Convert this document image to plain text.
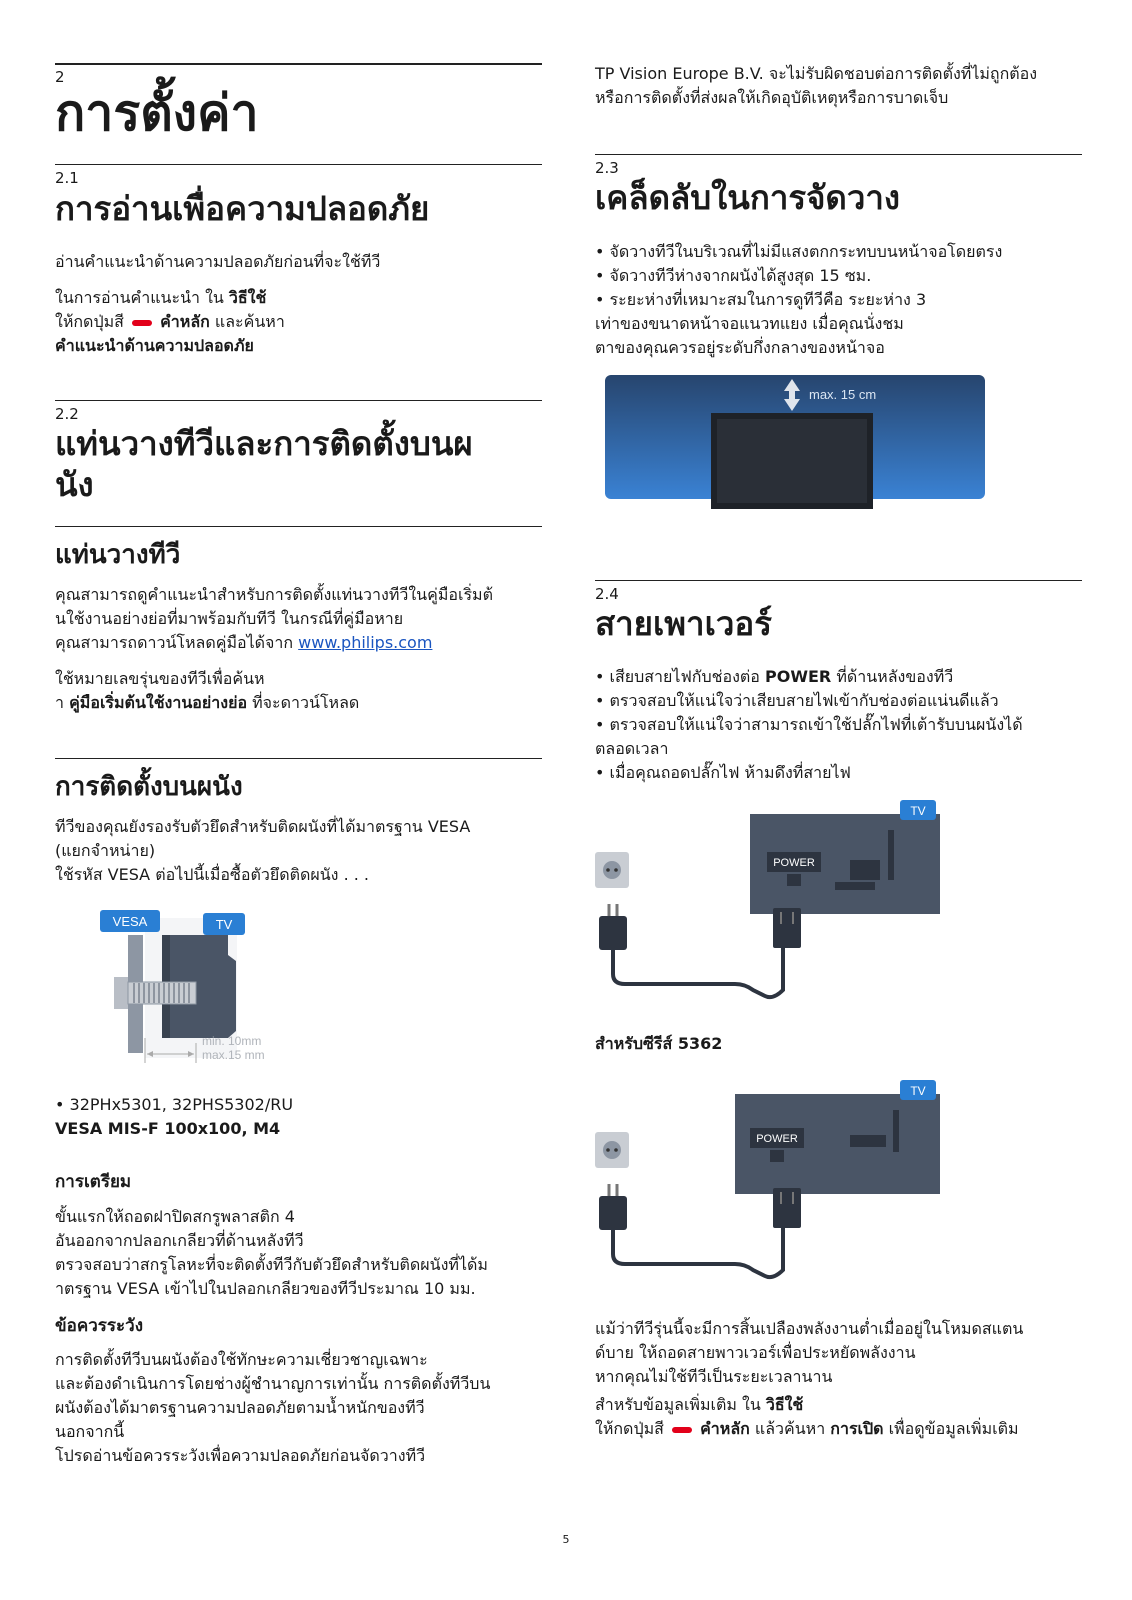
2
การตั้งค่า
2.1
การอ่านเพื่อความปลอดภัย
อ่านคำแนะนำด้านความปลอดภัยก่อนที่จะใช้ทีวี
ในการอ่านคำแนะนำ ใน วิธีใช้
ให้กดปุ่มสี  คำหลัก และค้นหา
คำแนะนำด้านความปลอดภัย
2.2
แท่นวางทีวีและการติดตั้งบนผ
นัง
แท่นวางทีวี
คุณสามารถดูคำแนะนำสำหรับการติดตั้งแท่นวางทีวีในคู่มือเริ่มต้
นใช้งานอย่างย่อที่มาพร้อมกับทีวี ในกรณีที่คู่มือหาย
คุณสามารถดาวน์โหลดคู่มือได้จาก www.philips.com
ใช้หมายเลขรุ่นของทีวีเพื่อค้นห
า คู่มือเริ่มต้นใช้งานอย่างย่อ ที่จะดาวน์โหลด
การติดตั้งบนผนัง
ทีวีของคุณยังรองรับตัวยึดสำหรับติดผนังที่ได้มาตรฐาน VESA
(แยกจำหน่าย)
ใช้รหัส VESA ต่อไปนี้เมื่อซื้อตัวยึดติดผนัง . . .
VESA	TV
min. 10mm
max.15 mm
• 32PHx5301, 32PHS5302/RU
VESA MIS-F 100x100, M4
การเตรียม
ขั้นแรกให้ถอดฝาปิดสกรูพลาสติก 4
อันออกจากปลอกเกลียวที่ด้านหลังทีวี
ตรวจสอบว่าสกรูโลหะที่จะติดตั้งทีวีกับตัวยึดสำหรับติดผนังที่ได้ม
าตรฐาน VESA เข้าไปในปลอกเกลียวของทีวีประมาณ 10 มม.
ข้อควรระวัง
การติดตั้งทีวีบนผนังต้องใช้ทักษะความเชี่ยวชาญเฉพาะ
และต้องดำเนินการโดยช่างผู้ชำนาญการเท่านั้น การติดตั้งทีวีบน
ผนังต้องได้มาตรฐานความปลอดภัยตามน้ำหนักของทีวี
นอกจากนี้
โปรดอ่านข้อควรระวังเพื่อความปลอดภัยก่อนจัดวางทีวี
TP Vision Europe B.V. จะไม่รับผิดชอบต่อการติดตั้งที่ไม่ถูกต้อง
หรือการติดตั้งที่ส่งผลให้เกิดอุบัติเหตุหรือการบาดเจ็บ
2.3
เคล็ดลับในการจัดวาง
• จัดวางทีวีในบริเวณที่ไม่มีแสงตกกระทบบนหน้าจอโดยตรง
• จัดวางทีวีห่างจากผนังได้สูงสุด 15 ซม.
• ระยะห่างที่เหมาะสมในการดูทีวีคือ ระยะห่าง 3
เท่าของขนาดหน้าจอแนวทแยง เมื่อคุณนั่งชม
ตาของคุณควรอยู่ระดับกึ่งกลางของหน้าจอ
max. 15 cm
2.4
สายเพาเวอร์
• เสียบสายไฟกับช่องต่อ POWER ที่ด้านหลังของทีวี
• ตรวจสอบให้แน่ใจว่าเสียบสายไฟเข้ากับช่องต่อแน่นดีแล้ว
• ตรวจสอบให้แน่ใจว่าสามารถเข้าใช้ปลั๊กไฟที่เต้ารับบนผนังได้
ตลอดเวลา
• เมื่อคุณถอดปลั๊กไฟ ห้ามดึงที่สายไฟ
TV
POWER
สำหรับซีรีส์ 5362
TV
POWER
แม้ว่าทีวีรุ่นนี้จะมีการสิ้นเปลืองพลังงานต่ำเมื่ออยู่ในโหมดสแตน
ด์บาย ให้ถอดสายพาวเวอร์เพื่อประหยัดพลังงาน
หากคุณไม่ใช้ทีวีเป็นระยะเวลานาน
สำหรับข้อมูลเพิ่มเติม ใน วิธีใช้
ให้กดปุ่มสี  คำหลัก แล้วค้นหา การเปิด เพื่อดูข้อมูลเพิ่มเติม
5
